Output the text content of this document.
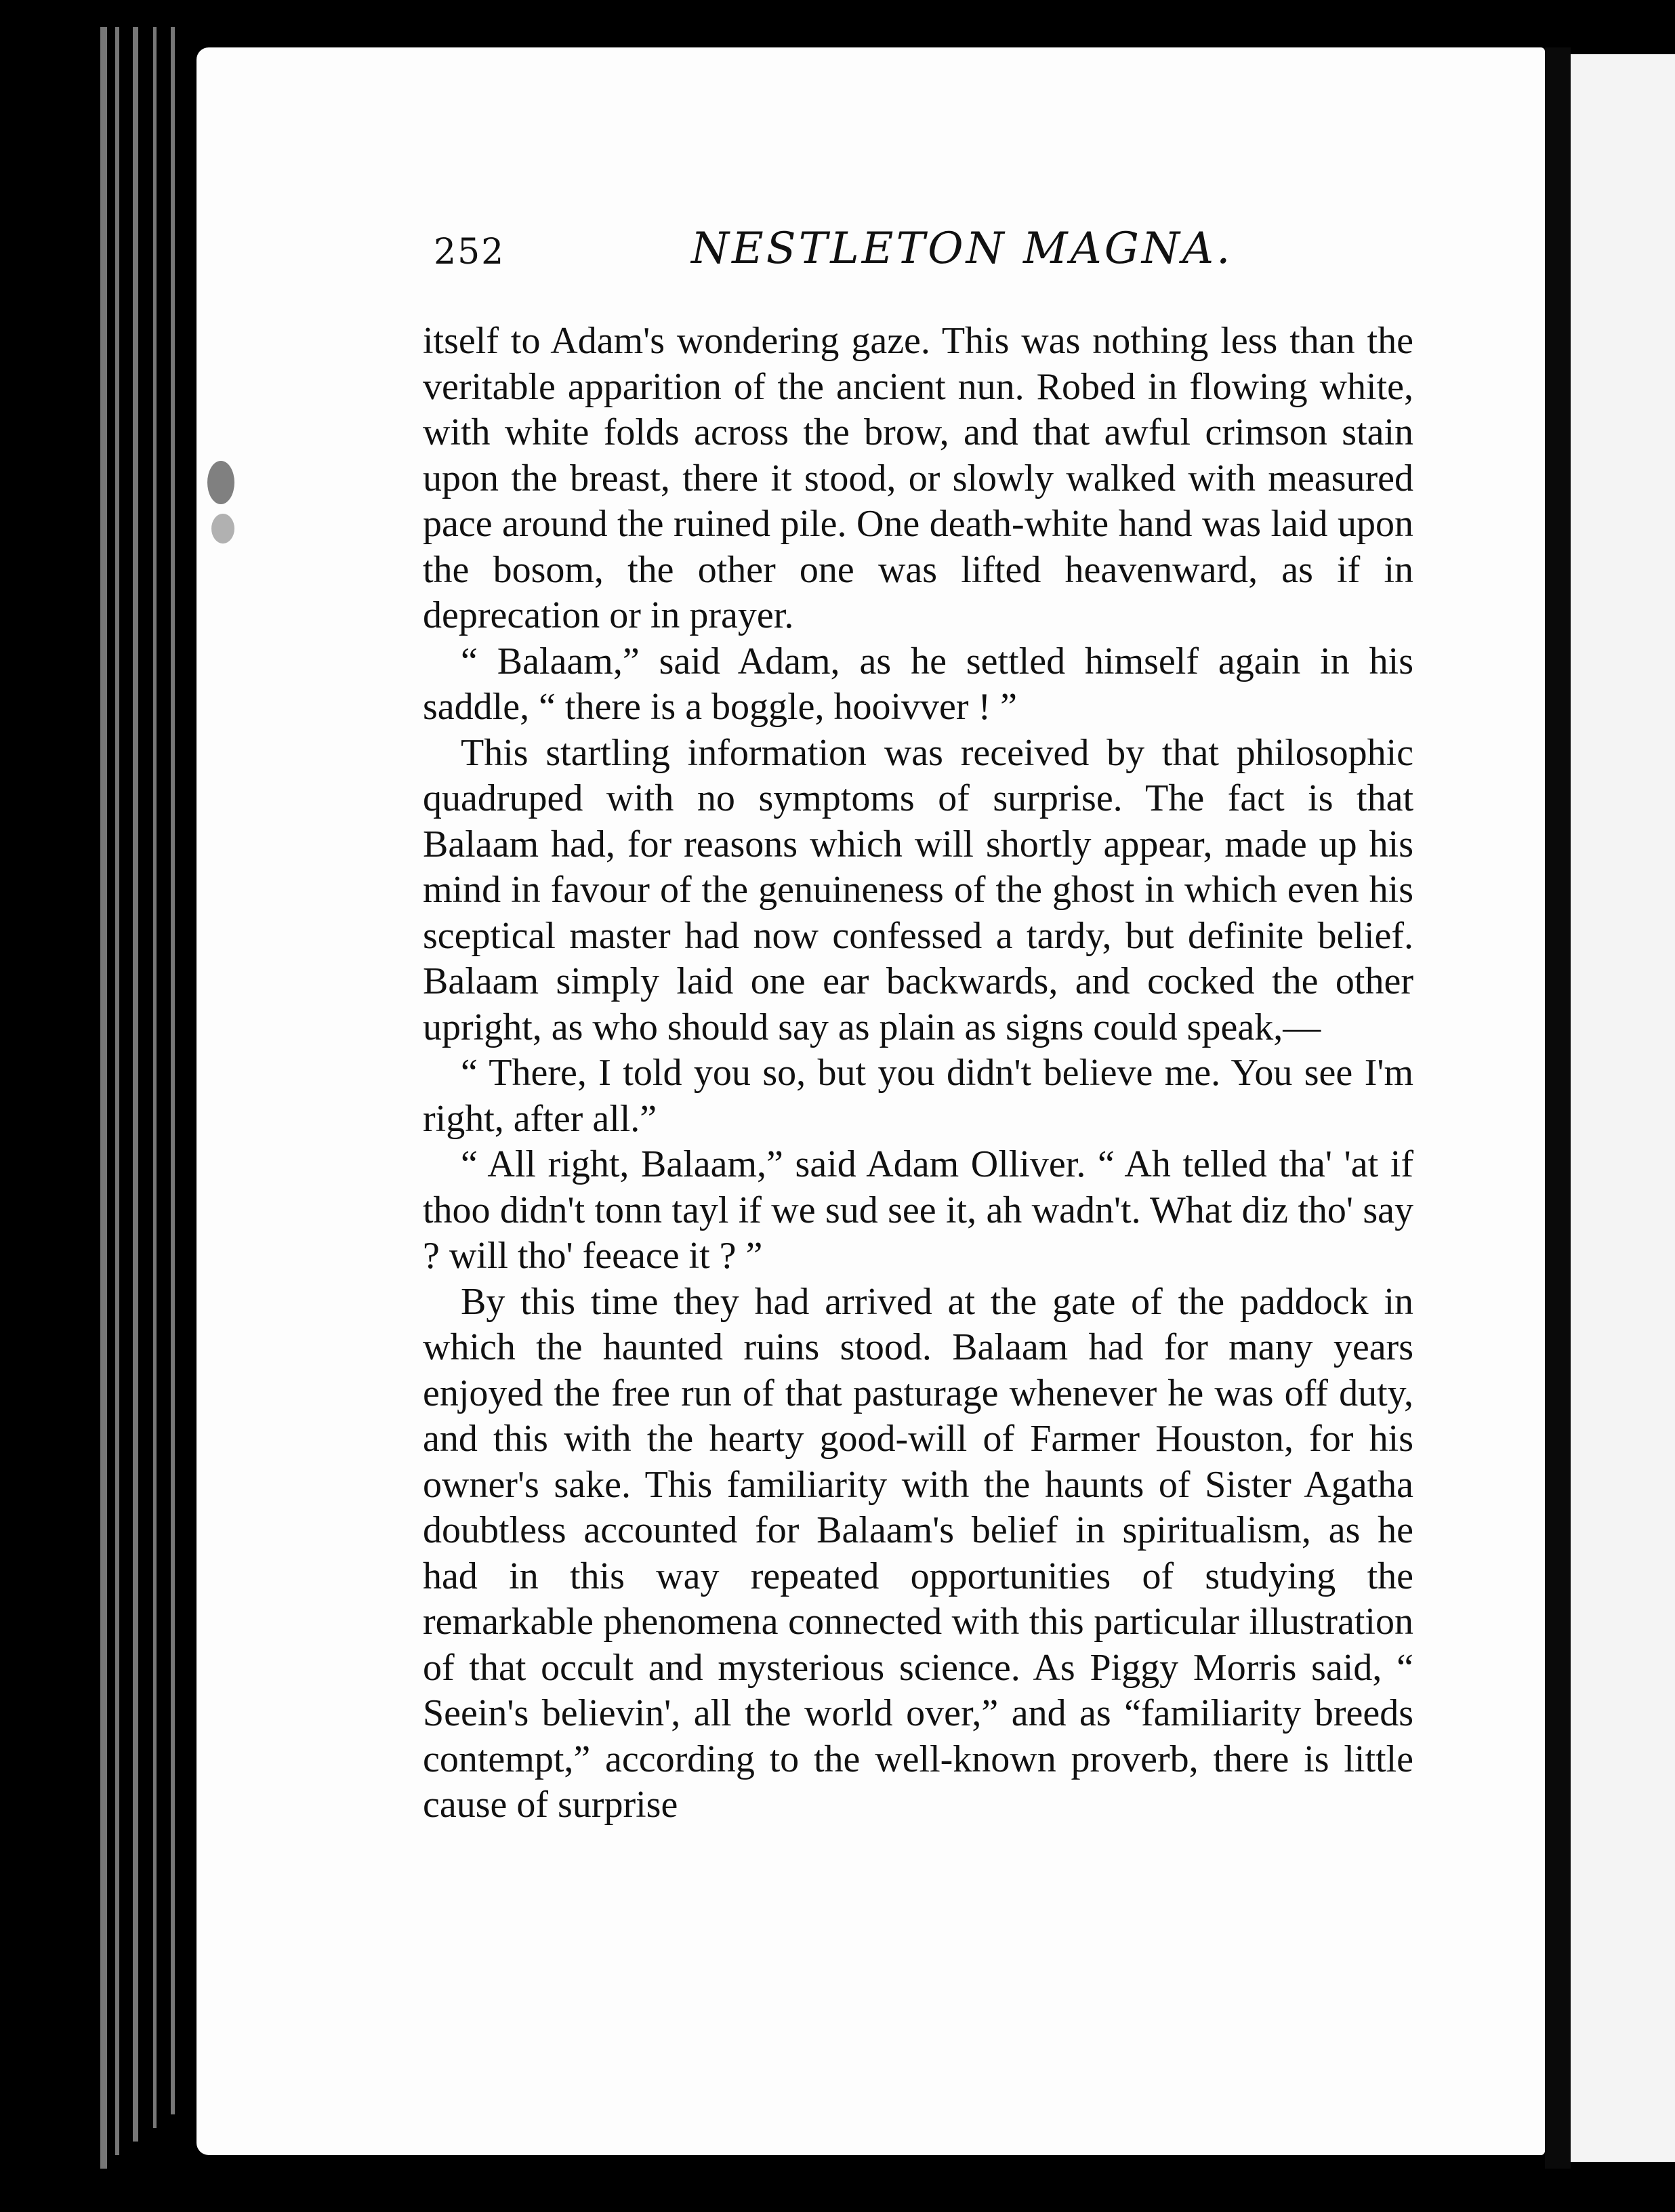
252	NESTLETON MAGNA.

itself to Adam's wondering gaze. This was nothing less than the veritable apparition of the ancient nun. Robed in flowing white, with white folds across the brow, and that awful crimson stain upon the breast, there it stood, or slowly walked with measured pace around the ruined pile. One death-white hand was laid upon the bosom, the other one was lifted heavenward, as if in deprecation or in prayer.

“ Balaam,” said Adam, as he settled himself again in his saddle, “ there is a boggle, hooivver ! ”

This startling information was received by that philosophic quadruped with no symptoms of surprise. The fact is that Balaam had, for reasons which will shortly appear, made up his mind in favour of the genuineness of the ghost in which even his sceptical master had now confessed a tardy, but definite belief. Balaam simply laid one ear backwards, and cocked the other upright, as who should say as plain as signs could speak,—

“ There, I told you so, but you didn't believe me. You see I'm right, after all.”

“ All right, Balaam,” said Adam Olliver. “ Ah telled tha' 'at if thoo didn't tonn tayl if we sud see it, ah wadn't. What diz tho' say ? will tho' feeace it ? ”

By this time they had arrived at the gate of the paddock in which the haunted ruins stood. Balaam had for many years enjoyed the free run of that pasturage whenever he was off duty, and this with the hearty good-will of Farmer Houston, for his owner's sake. This familiarity with the haunts of Sister Agatha doubtless accounted for Balaam's belief in spiritualism, as he had in this way repeated opportunities of studying the remarkable phenomena connected with this particular illustration of that occult and mysterious science. As Piggy Morris said, “ Seein's believin', all the world over,” and as “familiarity breeds contempt,” according to the well-known proverb, there is little cause of surprise
